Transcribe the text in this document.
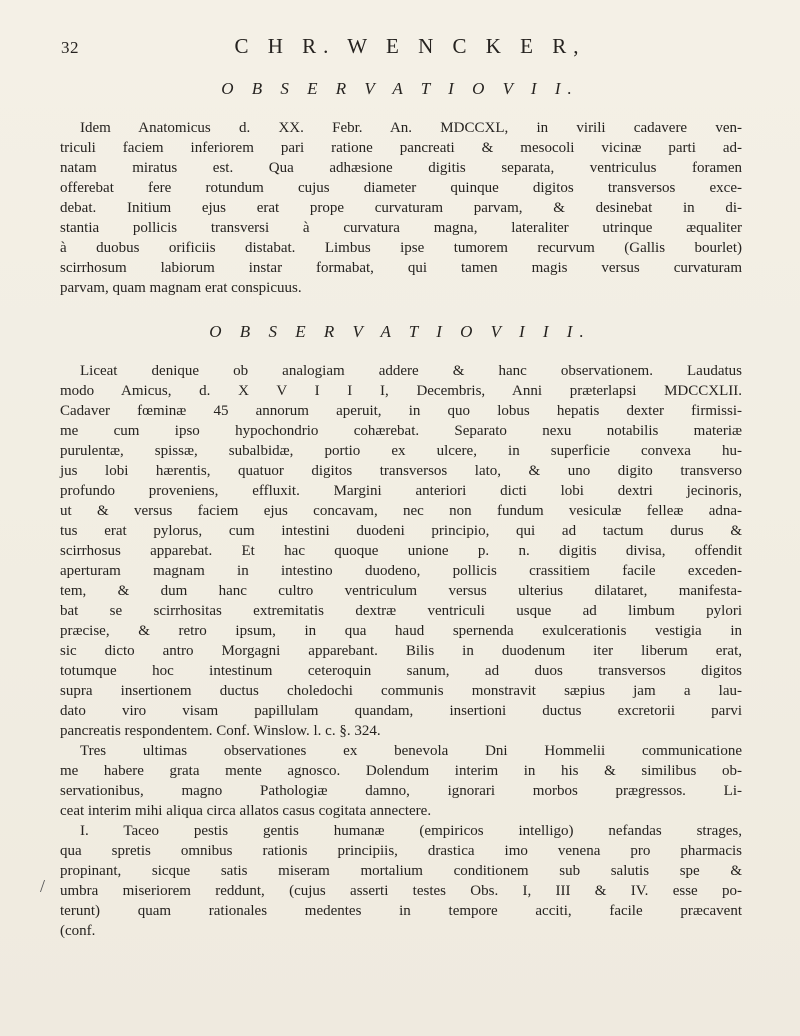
32	C H R. W E N C K E R,
O B S E R V A T I O V I I.
Idem Anatomicus d. XX. Febr. An. MDCCXL, in virili cadavere ven-
triculi faciem inferiorem pari ratione pancreati & mesocoli vicinæ parti ad-
natam miratus est. Qua adhæsione digitis separata, ventriculus foramen
offerebat fere rotundum cujus diameter quinque digitos transversos exce-
debat. Initium ejus erat prope curvaturam parvam, & desinebat in di-
stantia pollicis transversi à curvatura magna, lateraliter utrinque æqualiter
à duobus orificiis distabat. Limbus ipse tumorem recurvum (Gallis bourlet)
scirrhosum labiorum instar formabat, qui tamen magis versus curvaturam
parvam, quam magnam erat conspicuus.
O B S E R V A T I O V I I I.
Liceat denique ob analogiam addere & hanc observationem. Laudatus
modo Amicus, d. X V I I I, Decembris, Anni præterlapsi MDCCXLII.
Cadaver fœminæ 45 annorum aperuit, in quo lobus hepatis dexter firmissi-
me cum ipso hypochondrio cohærebat. Separato nexu notabilis materiæ
purulentæ, spissæ, subalbidæ, portio ex ulcere, in superficie convexa hu-
jus lobi hærentis, quatuor digitos transversos lato, & uno digito transverso
profundo proveniens, effluxit. Margini anteriori dicti lobi dextri jecinoris,
ut & versus faciem ejus concavam, nec non fundum vesiculæ felleæ adna-
tus erat pylorus, cum intestini duodeni principio, qui ad tactum durus &
scirrhosus apparebat. Et hac quoque unione p. n. digitis divisa, offendit
aperturam magnam in intestino duodeno, pollicis crassitiem facile exceden-
tem, & dum hanc cultro ventriculum versus ulterius dilataret, manifesta-
bat se scirrhositas extremitatis dextræ ventriculi usque ad limbum pylori
præcise, & retro ipsum, in qua haud spernenda exulcerationis vestigia in
sic dicto antro Morgagni apparebant. Bilis in duodenum iter liberum erat,
totumque hoc intestinum ceteroquin sanum, ad duos transversos digitos
supra insertionem ductus choledochi communis monstravit sæpius jam a lau-
dato viro visam papillulam quandam, insertioni ductus excretorii parvi
pancreatis respondentem. Conf. Winslow. l. c. §. 324.
Tres ultimas observationes ex benevola Dni Hommelii communicatione
me habere grata mente agnosco. Dolendum interim in his & similibus ob-
servationibus, magno Pathologiæ damno, ignorari morbos prægressos. Li-
ceat interim mihi aliqua circa allatos casus cogitata annectere.
I. Taceo pestis gentis humanæ (empiricos intelligo) nefandas strages,
qua spretis omnibus rationis principiis, drastica imo venena pro pharmacis
propinant, sicque satis miseram mortalium conditionem sub salutis spe &
umbra miseriorem reddunt, (cujus asserti testes Obs. I, III & IV. esse po-
terunt) quam rationales medentes in tempore acciti, facile præcavent
(conf.
/
